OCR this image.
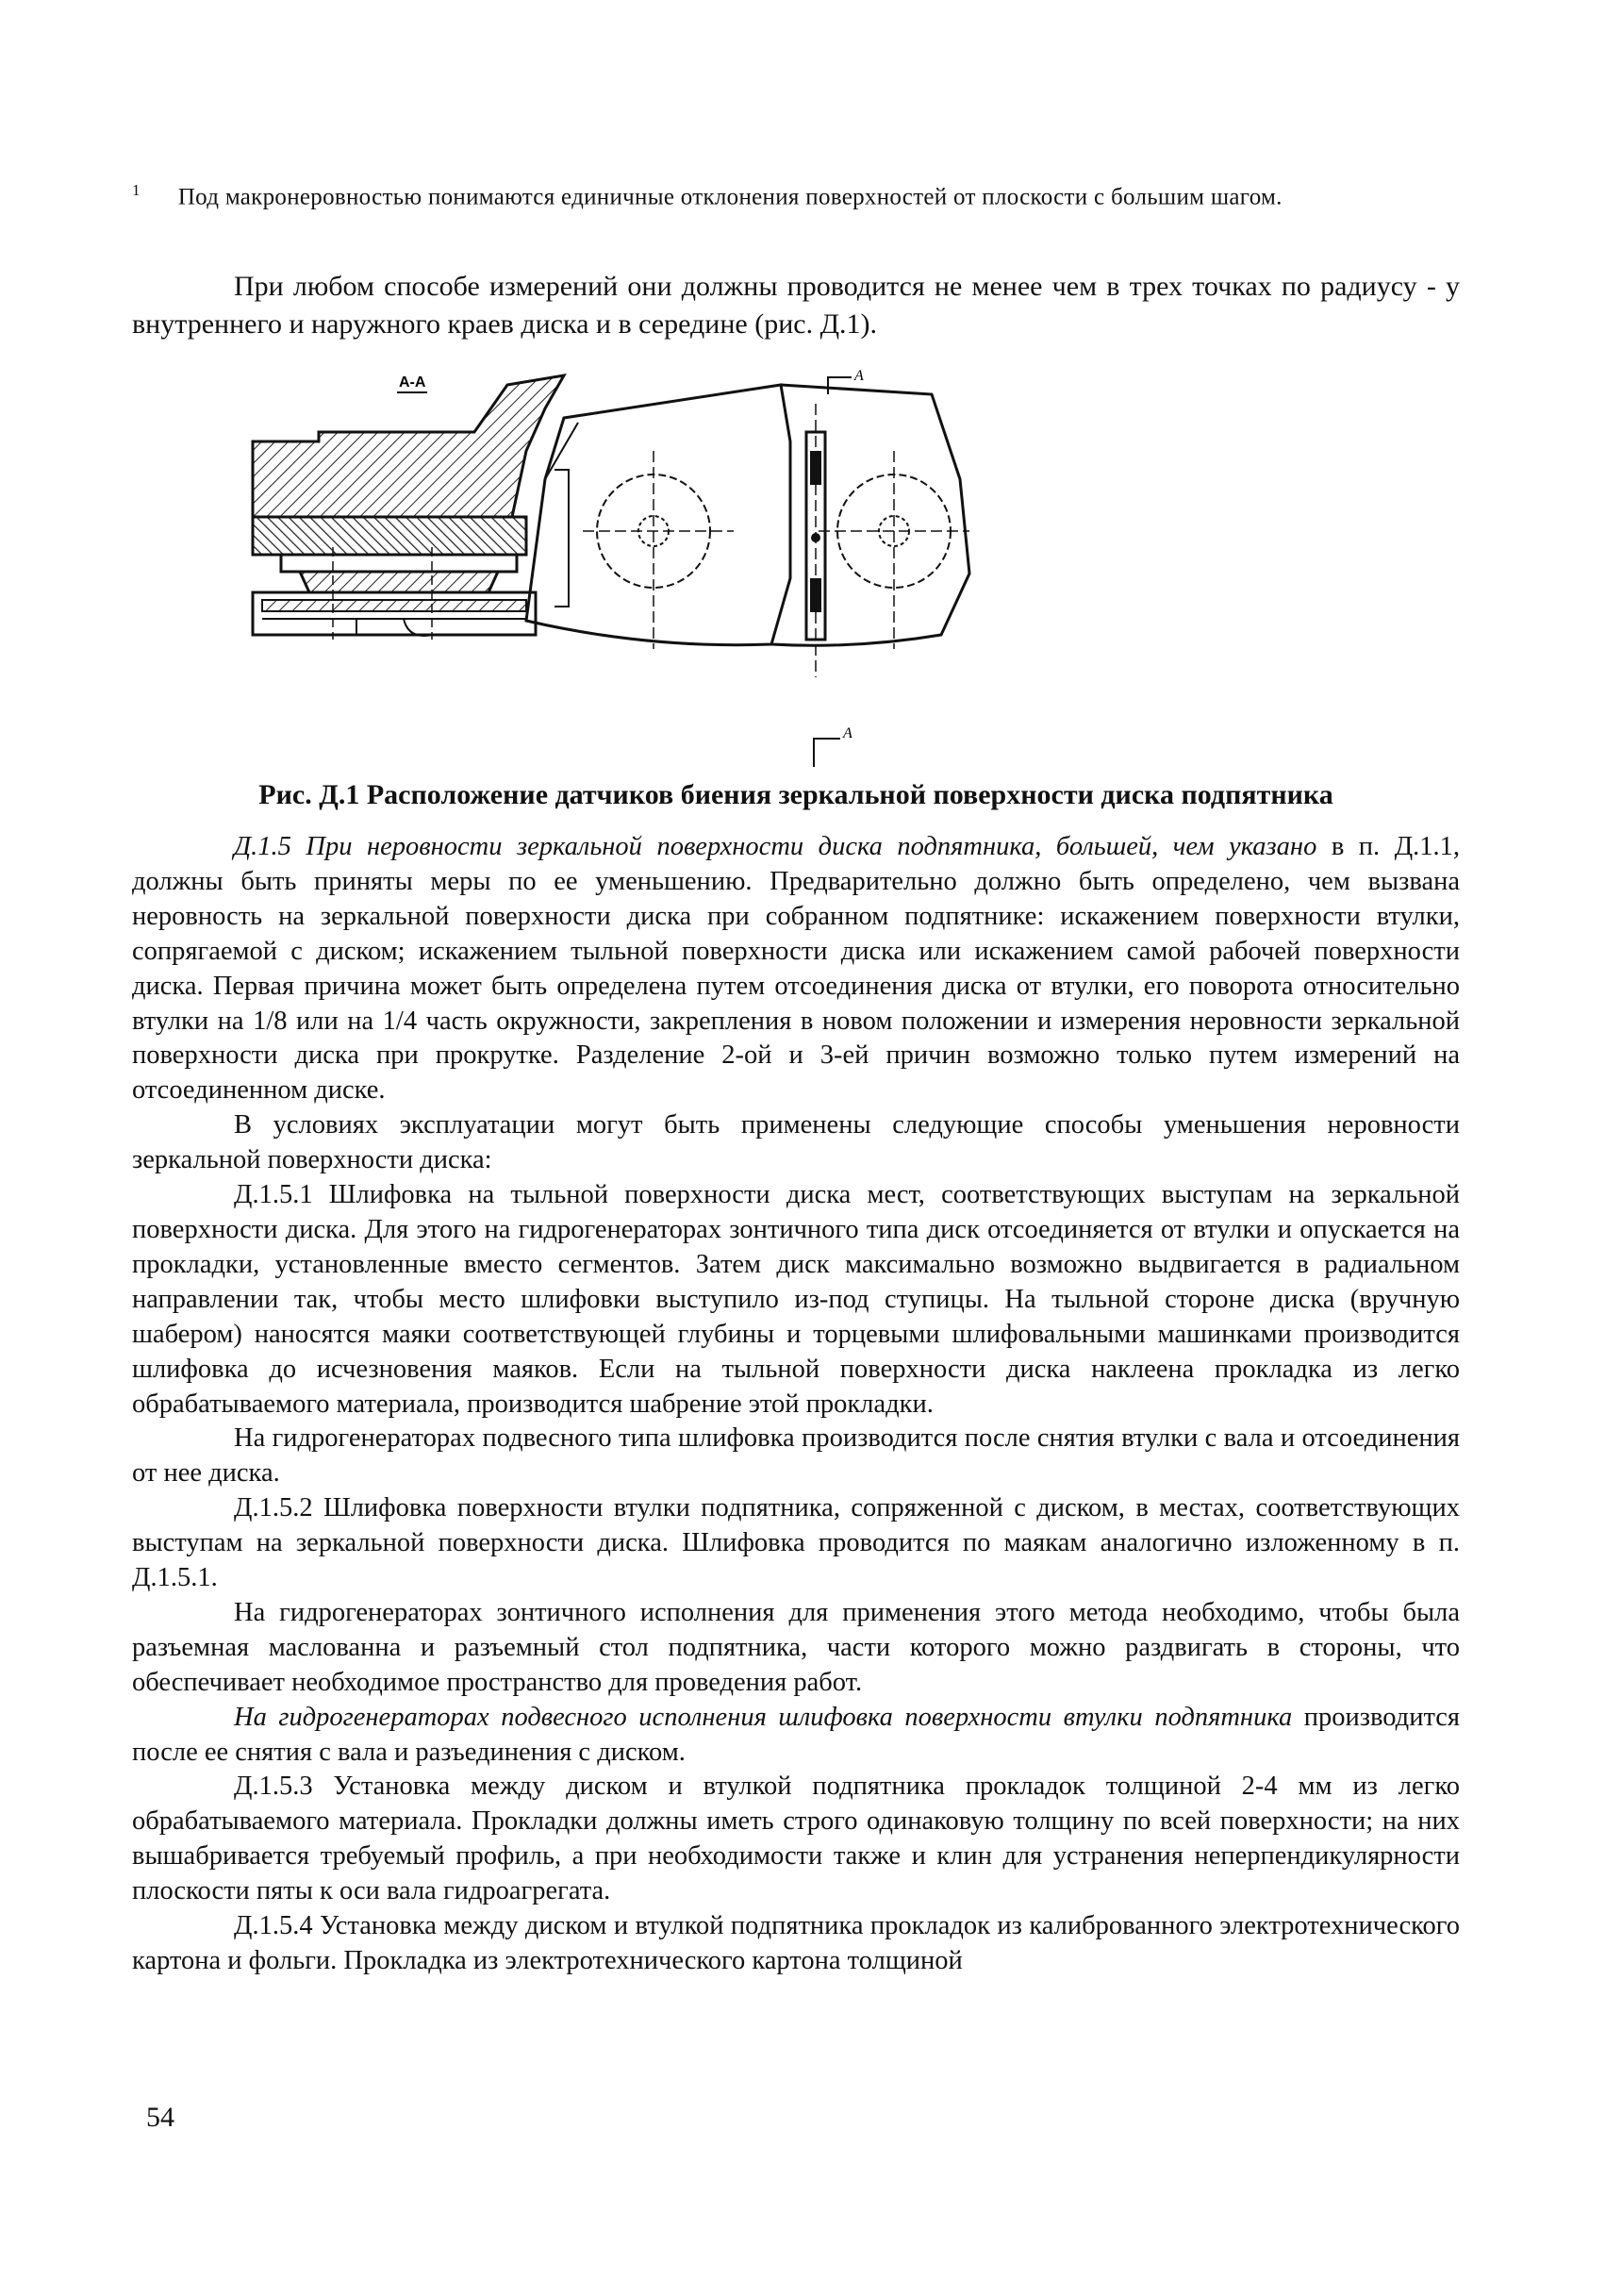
$^1$ Под макронеровностью понимаются единичные отклонения поверхностей от плоскости с большим шагом.

При любом способе измерений они должны проводится не менее чем в трех точках по радиусу - у внутреннего и наружного краев диска и в середине (рис. Д.1).

А-А	А
А
Рис. Д.1 Расположение датчиков биения зеркальной поверхности диска подпятника

Д.1.5 При неровности зеркальной поверхности диска подпятника, большей, чем указано в п. Д.1.1, должны быть приняты меры по ее уменьшению. Предварительно должно быть определено, чем вызвана неровность на зеркальной поверхности диска при собранном подпятнике: искажением поверхности втулки, сопрягаемой с диском; искажением тыльной поверхности диска или искажением самой рабочей поверхности диска. Первая причина может быть определена путем отсоединения диска от втулки, его поворота относительно втулки на 1/8 или на 1/4 часть окружности, закрепления в новом положении и измерения неровности зеркальной поверхности диска при прокрутке. Разделение 2-ой и 3-ей причин возможно только путем измерений на отсоединенном диске.

В условиях эксплуатации могут быть применены следующие способы уменьшения неровности зеркальной поверхности диска:

Д.1.5.1 Шлифовка на тыльной поверхности диска мест, соответствующих выступам на зеркальной поверхности диска. Для этого на гидрогенераторах зонтичного типа диск отсоединяется от втулки и опускается на прокладки, установленные вместо сегментов. Затем диск максимально возможно выдвигается в радиальном направлении так, чтобы место шлифовки выступило из-под ступицы. На тыльной стороне диска (вручную шабером) наносятся маяки соответствующей глубины и торцевыми шлифовальными машинками производится шлифовка до исчезновения маяков. Если на тыльной поверхности диска наклеена прокладка из легко обрабатываемого материала, производится шабрение этой прокладки.

На гидрогенераторах подвесного типа шлифовка производится после снятия втулки с вала и отсоединения от нее диска.

Д.1.5.2 Шлифовка поверхности втулки подпятника, сопряженной с диском, в местах, соответствующих выступам на зеркальной поверхности диска. Шлифовка проводится по маякам аналогично изложенному в п. Д.1.5.1.

На гидрогенераторах зонтичного исполнения для применения этого метода необходимо, чтобы была разъемная маслованна и разъемный стол подпятника, части которого можно раздвигать в стороны, что обеспечивает необходимое пространство для проведения работ.

На гидрогенераторах подвесного исполнения шлифовка поверхности втулки подпятника производится после ее снятия с вала и разъединения с диском.

Д.1.5.3 Установка между диском и втулкой подпятника прокладок толщиной 2-4 мм из легко обрабатываемого материала. Прокладки должны иметь строго одинаковую толщину по всей поверхности; на них вышабривается требуемый профиль, а при необходимости также и клин для устранения неперпендикулярности плоскости пяты к оси вала гидроагрегата.

Д.1.5.4 Установка между диском и втулкой подпятника прокладок из калиброванного электротехнического картона и фольги. Прокладка из электротехнического картона толщиной

54
